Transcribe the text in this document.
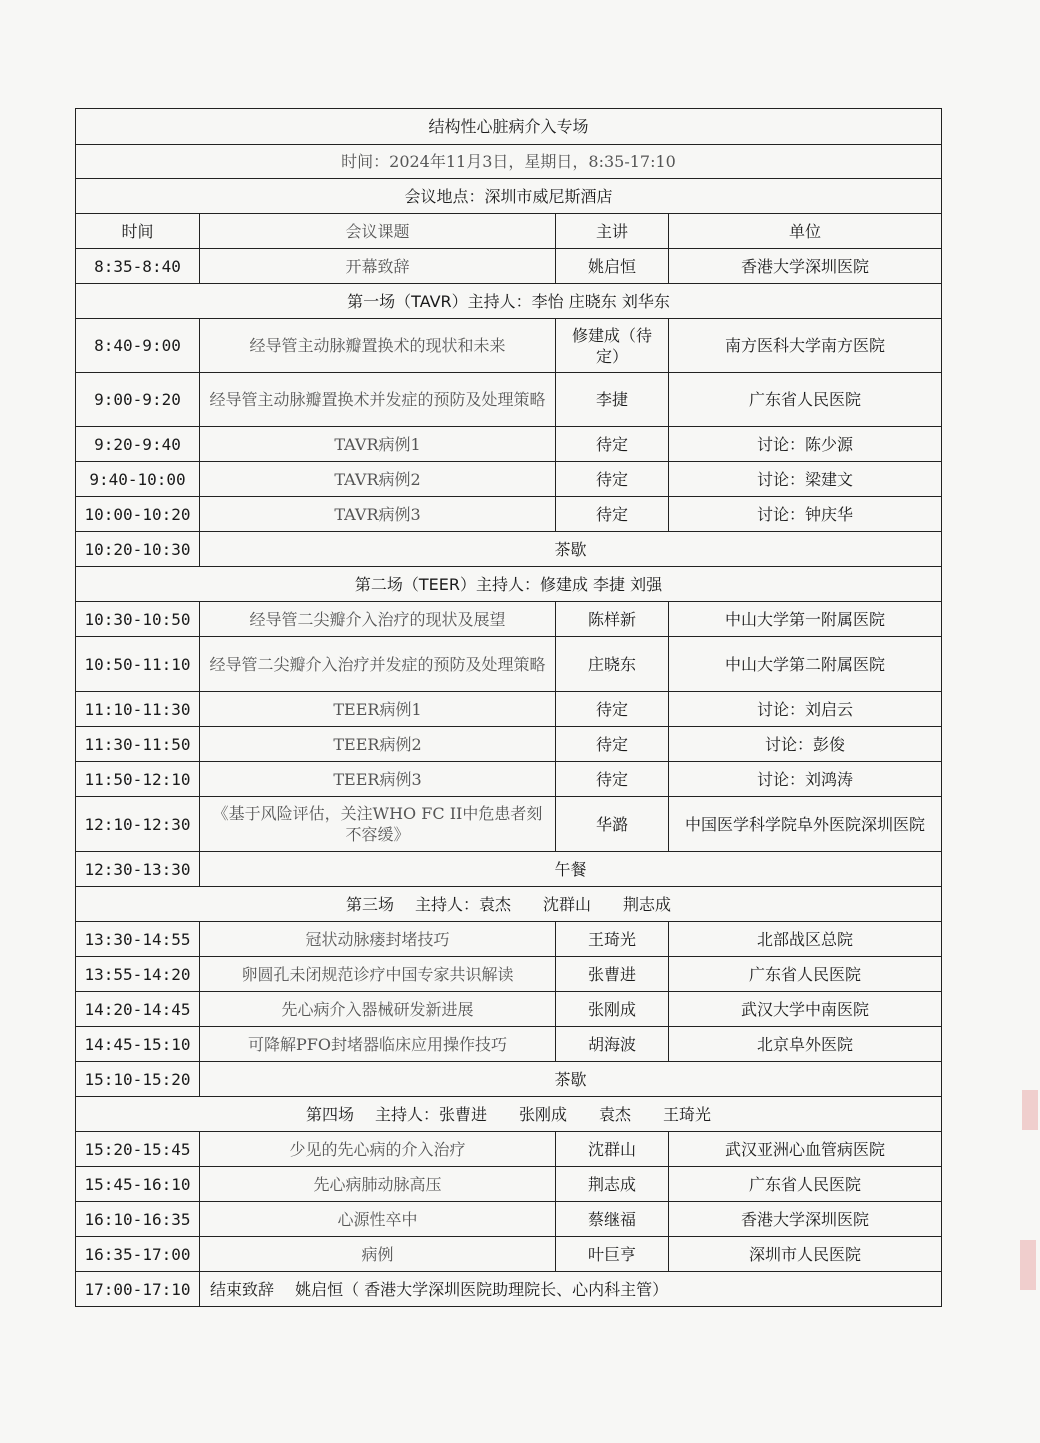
结构性心脏病介入专场			
时间：2024年11月3日，星期日，8:35-17:10			
会议地点：深圳市威尼斯酒店			
时间	会议课题	主讲	单位
8:35-8:40	开幕致辞	姚启恒	香港大学深圳医院
第一场（TAVR）主持人：李怡 庄晓东 刘华东			
8:40-9:00	经导管主动脉瓣置换术的现状和未来	修建成（待定）	南方医科大学南方医院
9:00-9:20	经导管主动脉瓣置换术并发症的预防及处理策略	李捷	广东省人民医院
9:20-9:40	TAVR病例1	待定	讨论：陈少源
9:40-10:00	TAVR病例2	待定	讨论：梁建文
10:00-10:20	TAVR病例3	待定	讨论：钟庆华
10:20-10:30	茶歇		
第二场（TEER）主持人：修建成 李捷 刘强			
10:30-10:50	经导管二尖瓣介入治疗的现状及展望	陈样新	中山大学第一附属医院
10:50-11:10	经导管二尖瓣介入治疗并发症的预防及处理策略	庄晓东	中山大学第二附属医院
11:10-11:30	TEER病例1	待定	讨论：刘启云
11:30-11:50	TEER病例2	待定	讨论：彭俊
11:50-12:10	TEER病例3	待定	讨论：刘鸿涛
12:10-12:30	《基于风险评估，关注WHO FC II中危患者刻不容缓》	华潞	中国医学科学院阜外医院深圳医院
12:30-13:30	午餐		
第三场　 主持人：袁杰　　沈群山　　荆志成			
13:30-14:55	冠状动脉瘘封堵技巧	王琦光	北部战区总院
13:55-14:20	卵圆孔未闭规范诊疗中国专家共识解读	张曹进	广东省人民医院
14:20-14:45	先心病介入器械研发新进展	张刚成	武汉大学中南医院
14:45-15:10	可降解PFO封堵器临床应用操作技巧	胡海波	北京阜外医院
15:10-15:20	茶歇		
第四场　 主持人：张曹进　　张刚成　　袁杰　　王琦光			
15:20-15:45	少见的先心病的介入治疗	沈群山	武汉亚洲心血管病医院
15:45-16:10	先心病肺动脉高压	荆志成	广东省人民医院
16:10-16:35	心源性卒中	蔡继福	香港大学深圳医院
16:35-17:00	病例	叶巨亨	深圳市人民医院
17:00-17:10	结束致辞　 姚启恒（ 香港大学深圳医院助理院长、心内科主管）		
